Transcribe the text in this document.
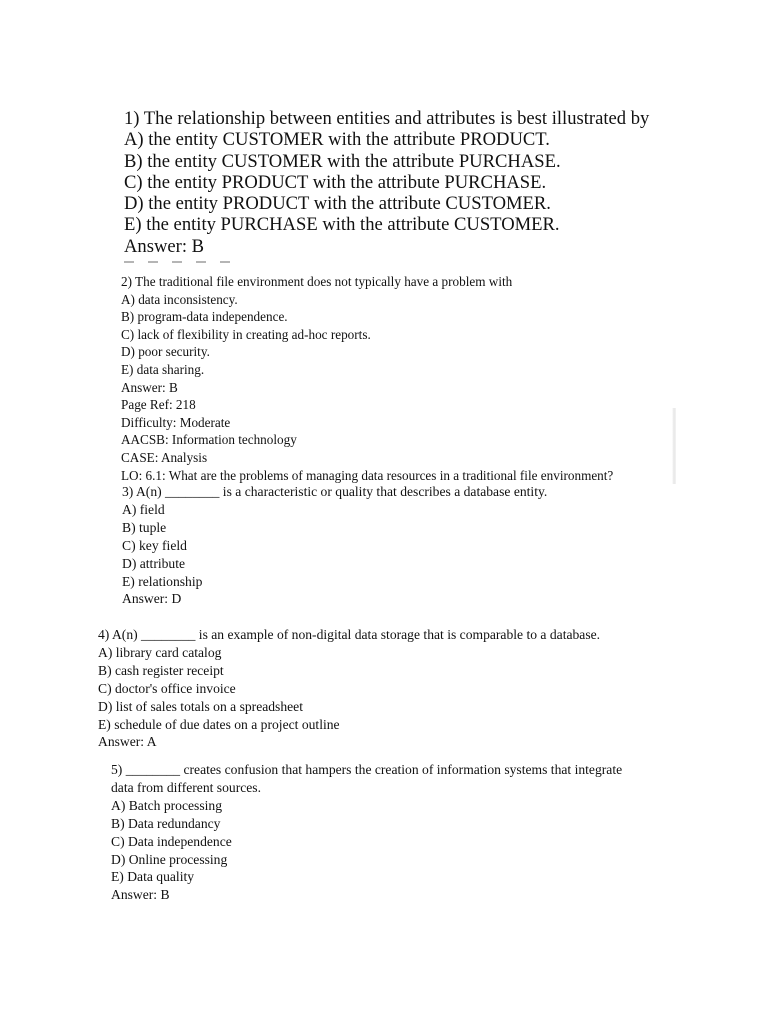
1) The relationship between entities and attributes is best illustrated by
A) the entity CUSTOMER with the attribute PRODUCT.
B) the entity CUSTOMER with the attribute PURCHASE.
C) the entity PRODUCT with the attribute PURCHASE.
D) the entity PRODUCT with the attribute CUSTOMER.
E) the entity PURCHASE with the attribute CUSTOMER.
Answer: B
2) The traditional file environment does not typically have a problem with
A) data inconsistency.
B) program-data independence.
C) lack of flexibility in creating ad-hoc reports.
D) poor security.
E) data sharing.
Answer: B
Page Ref: 218
Difficulty: Moderate
AACSB: Information technology
CASE: Analysis
LO: 6.1: What are the problems of managing data resources in a traditional file environment?
3) A(n) ________ is a characteristic or quality that describes a database entity.
A) field
B) tuple
C) key field
D) attribute
E) relationship
Answer: D
4) A(n) ________ is an example of non-digital data storage that is comparable to a database.
A) library card catalog
B) cash register receipt
C) doctor's office invoice
D) list of sales totals on a spreadsheet
E) schedule of due dates on a project outline
Answer: A
5) ________ creates confusion that hampers the creation of information systems that integrate
data from different sources.
A) Batch processing
B) Data redundancy
C) Data independence
D) Online processing
E) Data quality
Answer: B
